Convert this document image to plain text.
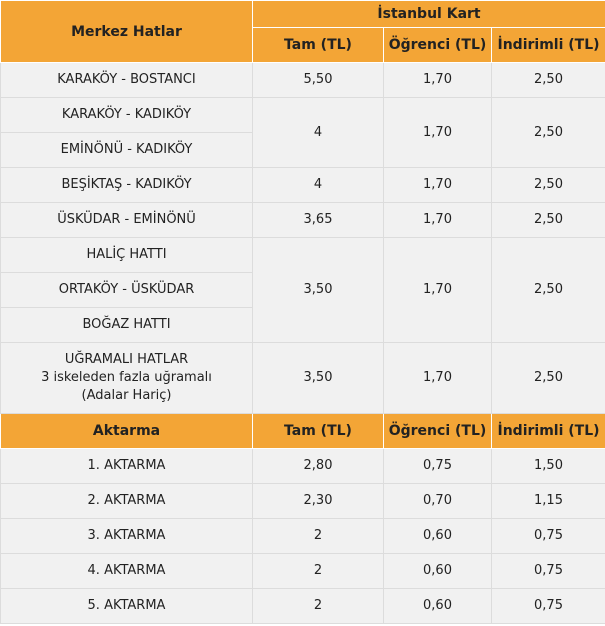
Merkez Hatlar	İstanbul Kart		
	Tam (TL)	Öğrenci (TL)	İndirimli (TL)
KARAKÖY - BOSTANCI	5,50	1,70	2,50
KARAKÖY - KADIKÖY	4	1,70	2,50
EMİNÖNÜ - KADIKÖY			
BEŞİKTAŞ - KADIKÖY	4	1,70	2,50
ÜSKÜDAR - EMİNÖNÜ	3,65	1,70	2,50
HALİÇ HATTI	3,50	1,70	2,50
ORTAKÖY - ÜSKÜDAR			
BOĞAZ HATTI			

UĞRAMALI HATLAR
3 iskeleden fazla uğramalı
(Adalar Hariç)	3,50	1,70	2,50
Aktarma	Tam (TL)	Öğrenci (TL)	İndirimli (TL)
1. AKTARMA	2,80	0,75	1,50
2. AKTARMA	2,30	0,70	1,15
3. AKTARMA	2	0,60	0,75
4. AKTARMA	2	0,60	0,75
5. AKTARMA	2	0,60	0,75
